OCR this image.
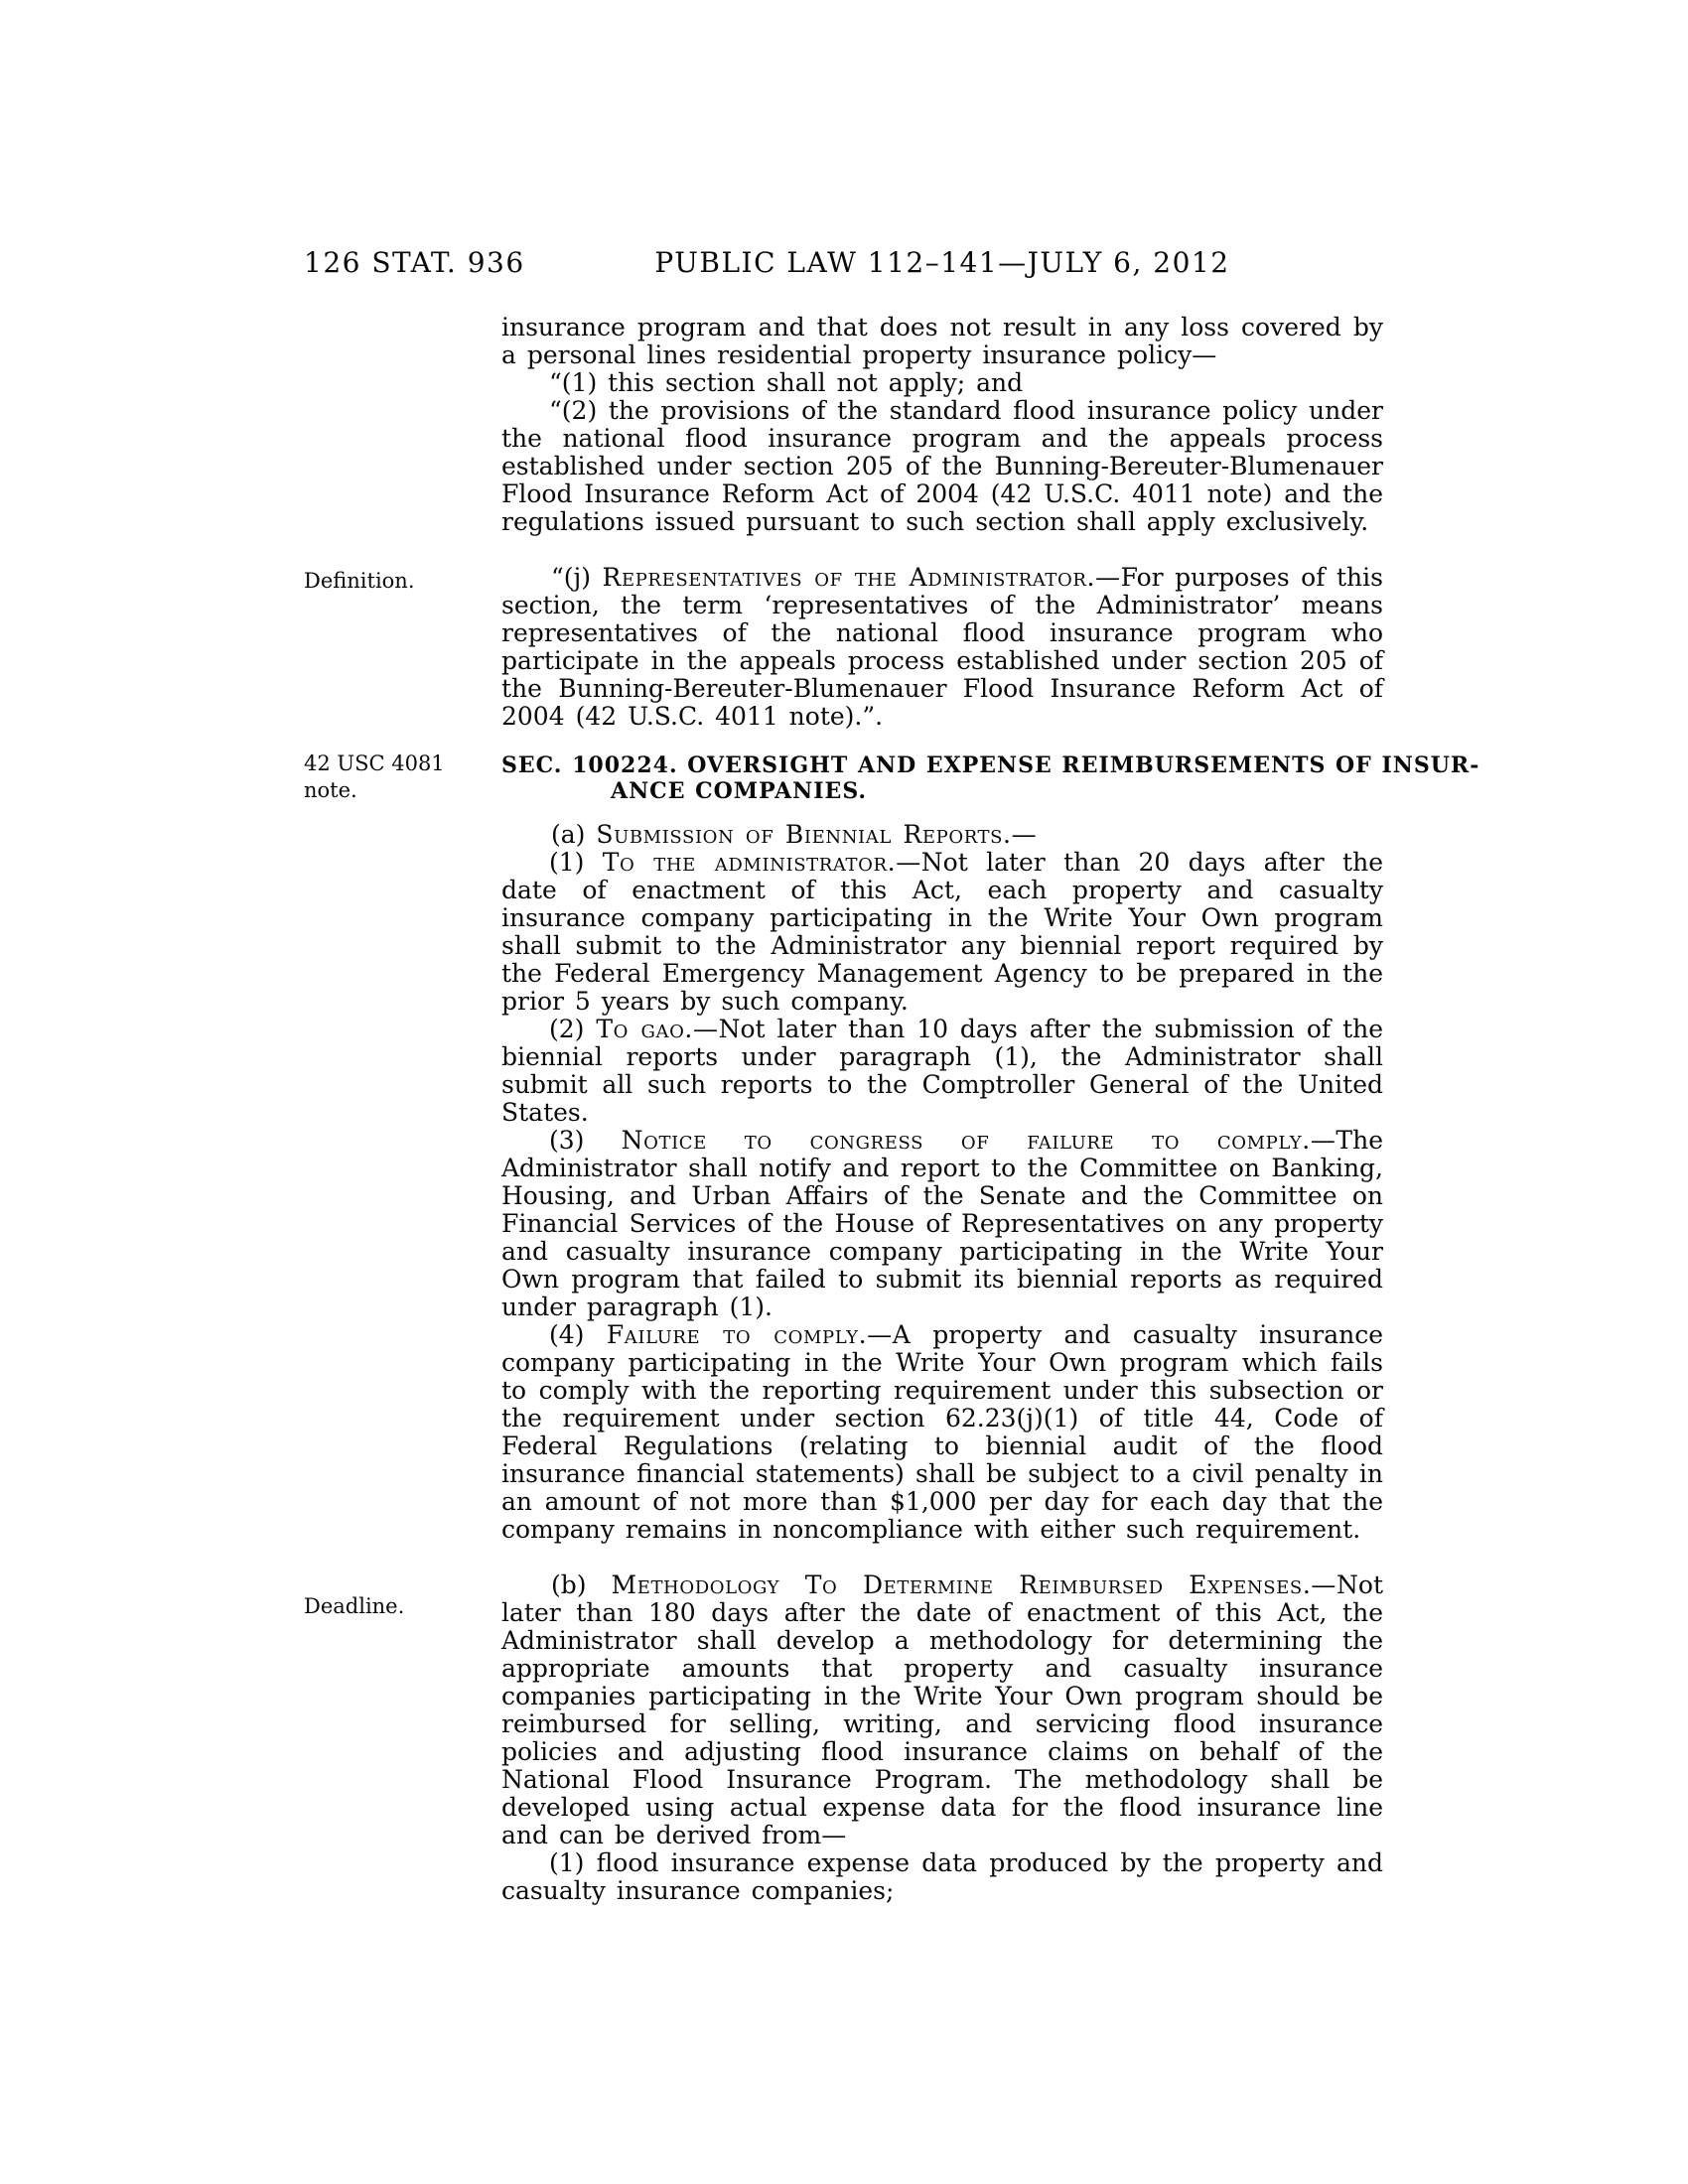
126 STAT. 936	PUBLIC LAW 112–141—JULY 6, 2012
Definition.
42 USC 4081
note.
Deadline.

insurance program and that does not result in any loss covered by a personal lines residential property insurance policy—

“(1) this section shall not apply; and

“(2) the provisions of the standard flood insurance policy under the national flood insurance program and the appeals process established under section 205 of the Bunning-Bereuter-Blumenauer Flood Insurance Reform Act of 2004 (42 U.S.C. 4011 note) and the regulations issued pursuant to such section shall apply exclusively.

“(j) Representatives of the Administrator.—For purposes of this section, the term ‘representatives of the Administrator’ means representatives of the national flood insurance program who participate in the appeals process established under section 205 of the Bunning-Bereuter-Blumenauer Flood Insurance Reform Act of 2004 (42 U.S.C. 4011 note).”.

SEC. 100224. OVERSIGHT AND EXPENSE REIMBURSEMENTS OF INSUR-
ANCE COMPANIES.

(a) Submission of Biennial Reports.—

(1) To the administrator.—Not later than 20 days after the date of enactment of this Act, each property and casualty insurance company participating in the Write Your Own program shall submit to the Administrator any biennial report required by the Federal Emergency Management Agency to be prepared in the prior 5 years by such company.

(2) To gao.—Not later than 10 days after the submission of the biennial reports under paragraph (1), the Administrator shall submit all such reports to the Comptroller General of the United States.

(3) Notice to congress of failure to comply.—The Administrator shall notify and report to the Committee on Banking, Housing, and Urban Affairs of the Senate and the Committee on Financial Services of the House of Representatives on any property and casualty insurance company participating in the Write Your Own program that failed to submit its biennial reports as required under paragraph (1).

(4) Failure to comply.—A property and casualty insurance company participating in the Write Your Own program which fails to comply with the reporting requirement under this subsection or the requirement under section 62.23(j)(1) of title 44, Code of Federal Regulations (relating to biennial audit of the flood insurance financial statements) shall be subject to a civil penalty in an amount of not more than $1,000 per day for each day that the company remains in noncompliance with either such requirement.

(b) Methodology To Determine Reimbursed Expenses.—Not later than 180 days after the date of enactment of this Act, the Administrator shall develop a methodology for determining the appropriate amounts that property and casualty insurance companies participating in the Write Your Own program should be reimbursed for selling, writing, and servicing flood insurance policies and adjusting flood insurance claims on behalf of the National Flood Insurance Program. The methodology shall be developed using actual expense data for the flood insurance line and can be derived from—

(1) flood insurance expense data produced by the property and casualty insurance companies;
